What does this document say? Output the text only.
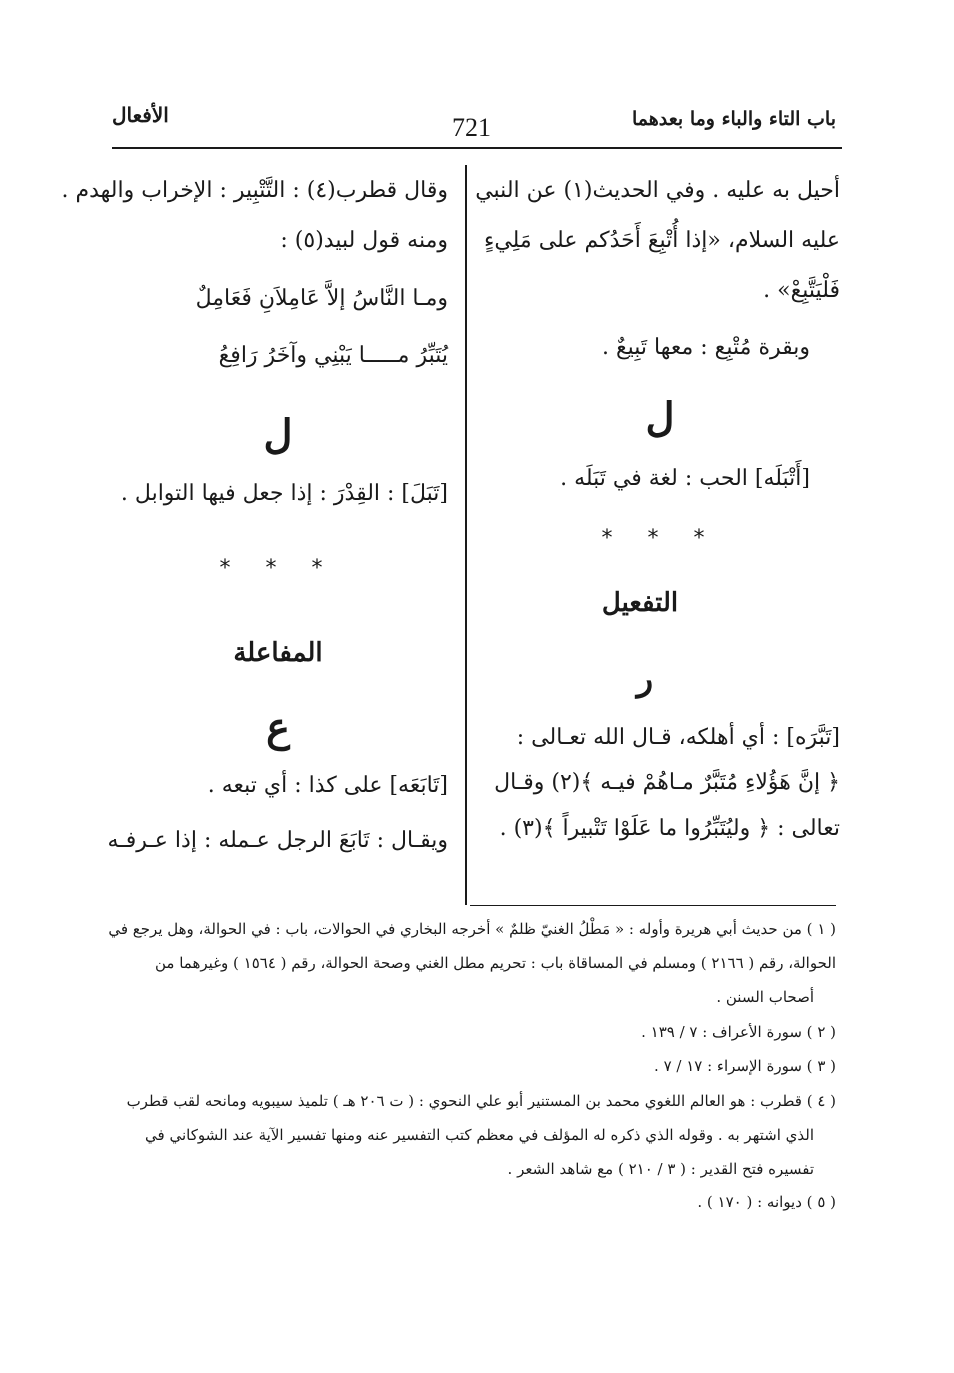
باب التاء والباء وما بعدهما
721
الأفعال
أحيل به عليه . وفي الحديث(١) عن النبي
عليه السلام، «إذا أُتْبِعَ أَحَدُكم على مَلِيءٍ
فَلْيَتَّبِعْ» .
وبقرة مُتْبِع : معها تَبِيعٌ .
ل
[أَتْبَلَه] الحب : لغة في تَبَلَه .
* * *
التفعيل
ر
[تَبَّرَه] : أي أهلكه، قـال الله تعـالى :
﴿ إنَّ هَؤُلاءِ مُتَبَّرٌ مـاهُمْ فيـه ﴾(٢) وقـال
تعالى : ﴿ وليُتَبِّرُوا ما عَلَوْا تَتْبيراً ﴾(٣) .
وقال قطرب(٤) : التَّتْبِير : الإخراب والهدم .
ومنه قول لبيد(٥) :
ومـا النَّاسُ إلاَّ عَامِلاَنِ فَعَامِلٌ
يُتَبِّرُ مـــــا يَبْنِي وآخَرُ رَافِعُ
ل
[تَبَلَ] : القِدْرَ : إذا جعل فيها التوابل .
* * *
المفاعلة
ع
[تَابَعَه] على كذا : أي تبعه .
ويقـال : تَابَعَ الرجل عـمله : إذا عـرفـه
( ١ ) من حديث أبي هريرة وأوله : « مَطْلُ الغنيّ ظلمٌ » أخرجه البخاري في الحوالات، باب : في الحوالة، وهل يرجع في
الحوالة، رقم ( ٢١٦٦ ) ومسلم في المساقاة باب : تحريم مطل الغني وصحة الحوالة، رقم ( ١٥٦٤ ) وغيرهما من
أصحاب السنن .
( ٢ ) سورة الأعراف : ٧ / ١٣٩ .
( ٣ ) سورة الإسراء : ١٧ / ٧ .
( ٤ ) قطرب : هو العالم اللغوي محمد بن المستنير أبو علي النحوي : ( ت ٢٠٦ هـ ) تلميذ سيبويه ومانحه لقب قطرب
الذي اشتهر به . وقوله الذي ذكره له المؤلف في معظم كتب التفسير عنه ومنها تفسير الآية عند الشوكاني في
تفسيره فتح القدير : ( ٣ / ٢١٠ ) مع شاهد الشعر .
( ٥ ) ديوانه : ( ١٧٠ ) .
